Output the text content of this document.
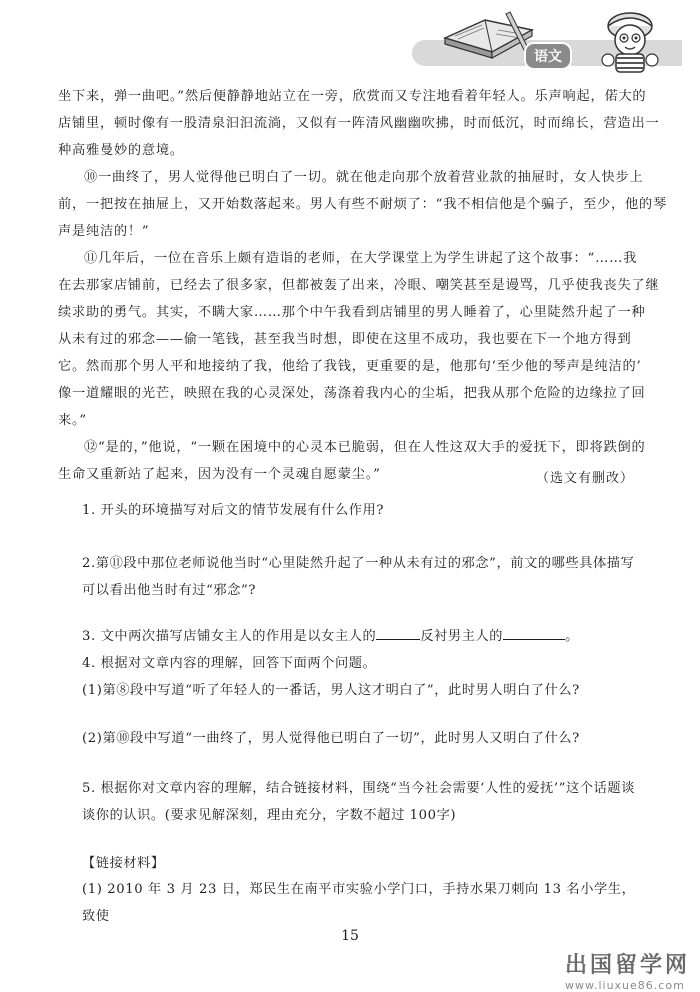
语文
坐下来，弹一曲吧。”然后便静静地站立在一旁，欣赏而又专注地看着年轻人。乐声响起，偌大的
店铺里，顿时像有一股清泉汩汩流淌，又似有一阵清风幽幽吹拂，时而低沉，时而绵长，营造出一
种高雅曼妙的意境。
⑩一曲终了，男人觉得他已明白了一切。就在他走向那个放着营业款的抽屉时，女人快步上
前，一把按在抽屉上，又开始数落起来。男人有些不耐烦了：“我不相信他是个骗子，至少，他的琴
声是纯洁的！”
⑪几年后，一位在音乐上颇有造诣的老师，在大学课堂上为学生讲起了这个故事：“……我
在去那家店铺前，已经去了很多家，但都被轰了出来，冷眼、嘲笑甚至是谩骂，几乎使我丧失了继
续求助的勇气。其实，不瞒大家……那个中午我看到店铺里的男人睡着了，心里陡然升起了一种
从未有过的邪念——偷一笔钱，甚至我当时想，即使在这里不成功，我也要在下一个地方得到
它。然而那个男人平和地接纳了我，他给了我钱，更重要的是，他那句‘至少他的琴声是纯洁的’
像一道耀眼的光芒，映照在我的心灵深处，荡涤着我内心的尘垢，把我从那个危险的边缘拉了回
来。”
⑫“是的，”他说，“一颗在困境中的心灵本已脆弱，但在人性这双大手的爱抚下，即将跌倒的
生命又重新站了起来，因为没有一个灵魂自愿蒙尘。”	（选文有删改）
1. 开头的环境描写对后文的情节发展有什么作用?
2.第⑪段中那位老师说他当时“心里陡然升起了一种从未有过的邪念”，前文的哪些具体描写
可以看出他当时有过“邪念”?
3. 文中两次描写店铺女主人的作用是以女主人的	反衬男主人的	。
4. 根据对文章内容的理解，回答下面两个问题。
(1)第⑧段中写道“听了年轻人的一番话，男人这才明白了”，此时男人明白了什么?
(2)第⑩段中写道“一曲终了，男人觉得他已明白了一切”，此时男人又明白了什么?
5. 根据你对文章内容的理解，结合链接材料，围绕“当今社会需要‘人性的爱抚’”这个话题谈
谈你的认识。(要求见解深刻，理由充分，字数不超过 100字)
【链接材料】
(1) 2010 年 3 月 23 日，郑民生在南平市实验小学门口，手持水果刀刺向 13 名小学生，致使
15
出国留学网
www.liuxue86.com
